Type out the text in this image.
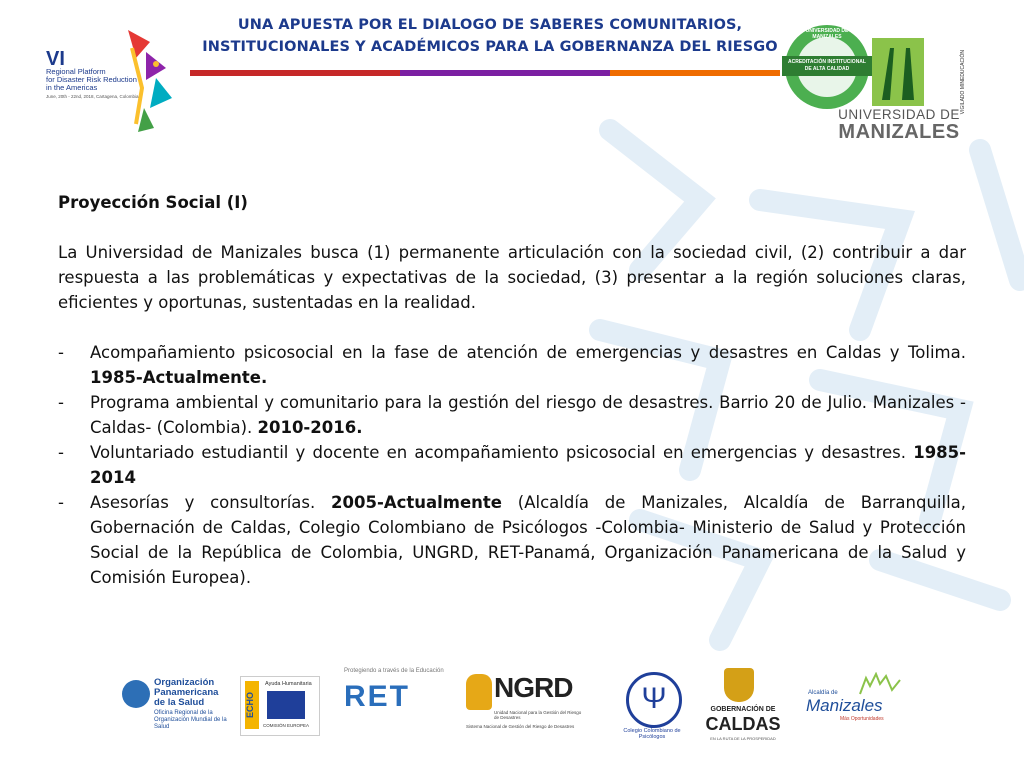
UNA APUESTA POR EL DIALOGO DE SABERES COMUNITARIOS,
INSTITUCIONALES Y ACADÉMICOS PARA LA GOBERNANZA DEL RIESGO
VI
Regional Platform
for Disaster Risk Reduction
in the Americas
June, 20th - 22nd, 2018, Cartagena, Colombia
UNIVERSIDAD DE MANIZALES
ACREDITACIÓN INSTITUCIONAL
DE ALTA CALIDAD
UNIVERSIDAD DE
MANIZALES
VIGILADO MINEDUCACIÓN

Proyección Social (I)

La Universidad de Manizales busca (1) permanente articulación con la sociedad civil, (2) contribuir a dar respuesta a las problemáticas y expectativas de la sociedad, (3) presentar a la región soluciones claras, eficientes y oportunas, sustentadas en la realidad.

- Acompañamiento psicosocial en la fase de atención de emergencias y desastres en Caldas y Tolima. 1985-Actualmente.
- Programa ambiental y comunitario para la gestión del riesgo de desastres. Barrio 20 de Julio. Manizales -Caldas- (Colombia). 2010-2016.
- Voluntariado estudiantil y docente en acompañamiento psicosocial en emergencias y desastres. 1985-2014
- Asesorías y consultorías. 2005-Actualmente (Alcaldía de Manizales, Alcaldía de Barranquilla, Gobernación de Caldas, Colegio Colombiano de Psicólogos -Colombia- Ministerio de Salud y Protección Social de la República de Colombia, UNGRD, RET-Panamá, Organización Panamericana de la Salud y Comisión Europea).
Organización
Panamericana
de la Salud
Oficina Regional de la
Organización Mundial de la Salud
ECHO
Ayuda Humanitaria
COMISIÓN EUROPEA
Protegiendo a través de la Educación
RET	NGRD
Unidad Nacional para la Gestión del Riesgo de Desastres
Sistema Nacional de Gestión del Riesgo de Desastres
Ψ
Colegio Colombiano de Psicólogos
GOBERNACIÓN DE
CALDAS
EN LA RUTA DE LA PROSPERIDAD
Alcaldía de
Manizales
Más Oportunidades
